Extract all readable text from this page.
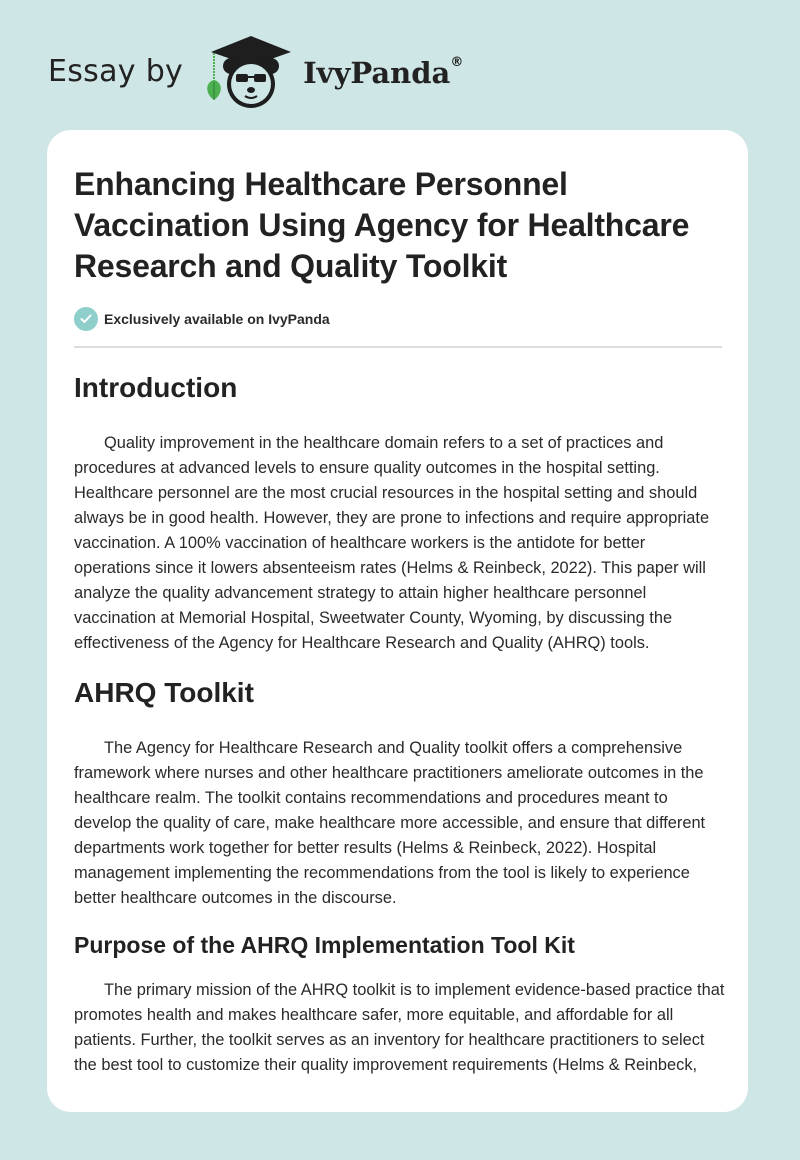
Essay by	IvyPanda®
Enhancing Healthcare Personnel Vaccination Using Agency for Healthcare Research and Quality Toolkit
Exclusively available on IvyPanda
Introduction

Quality improvement in the healthcare domain refers to a set of practices and procedures at advanced levels to ensure quality outcomes in the hospital setting. Healthcare personnel are the most crucial resources in the hospital setting and should always be in good health. However, they are prone to infections and require appropriate vaccination. A 100% vaccination of healthcare workers is the antidote for better operations since it lowers absenteeism rates (Helms & Reinbeck, 2022). This paper will analyze the quality advancement strategy to attain higher healthcare personnel vaccination at Memorial Hospital, Sweetwater County, Wyoming, by discussing the effectiveness of the Agency for Healthcare Research and Quality (AHRQ) tools.

AHRQ Toolkit

The Agency for Healthcare Research and Quality toolkit offers a comprehensive framework where nurses and other healthcare practitioners ameliorate outcomes in the healthcare realm. The toolkit contains recommendations and procedures meant to develop the quality of care, make healthcare more accessible, and ensure that different departments work together for better results (Helms & Reinbeck, 2022). Hospital management implementing the recommendations from the tool is likely to experience better healthcare outcomes in the discourse.

Purpose of the AHRQ Implementation Tool Kit

The primary mission of the AHRQ toolkit is to implement evidence-based practice that promotes health and makes healthcare safer, more equitable, and affordable for all patients. Further, the toolkit serves as an inventory for healthcare practitioners to select the best tool to customize their quality improvement requirements (Helms & Reinbeck,
